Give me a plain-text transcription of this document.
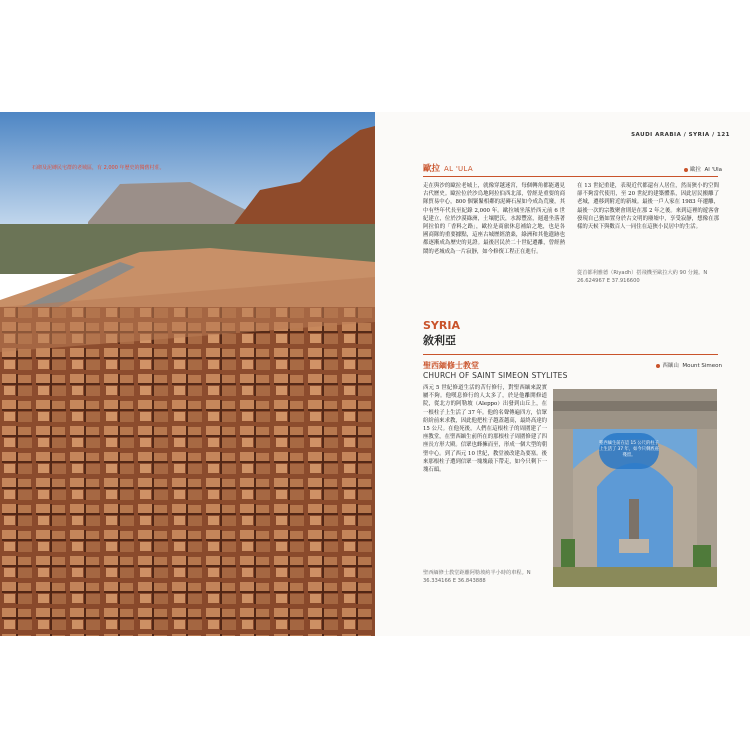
石砌及泥磚民宅群的老城區，有 2,000 年歷史的獨舊村莊。
SAUDI ARABIA / SYRIA / 121
歐拉 AL 'ULA	歐拉 Al 'Ula
走在與沙的歐拉老城上，就像穿越迷宮，每個轉角都能遇見古代歷史。歐拉位於沙烏地阿拉伯西北部，曾經是重要的商隊貿易中心，800 個緊緊相鄰的泥磚石屋如今成為荒廢，其中有些年代長至紀錄 2,000 年。歐拉城坐落於西元前 6 世紀建立，位於沙漠綠洲，土壤肥沃，水源豐富，週邊坐落著阿拉伯的「香料之路」，歐拉是商旅休息補給之地，也是各國商隊的重要據點，這座古城歷經滄桑，綠洲和其他遺跡也都逐漸成為歷史的見證。最後居民於二十世紀遷離，曾經熱鬧的老城成為一片寂靜，如今修復工程正在進行。
在 13 世紀重建，表現近代都還有人居住，然而狹小的空間卻不夠當代使用，至 20 世紀的建築體系，因此居民搬離了老城，遷移到附近的新城。最後一戶人家在 1983 年遷離，最後一次的宗教聚會則是在那 2 年之後。來到這裡的遊客會發現自己猶如置身於古文明的廢墟中，享受寂靜，想像在那樣的天候下與數百人一同住在這狹小民居中的生活。
從首都利雅德（Riyadh）搭飛機至歐拉大約 90 分鐘。N 26.624967 E 37.916600
SYRIA
敘利亞
聖西緬修士教堂
CHURCH OF SAINT SIMEON STYLITES
西緬山 Mount Simeon
西元 5 世紀修道生活的苦行修行，對聖西緬來說實屬不夠。他嘆息修行的人太多了，於是他離開修道院，從北方的阿勒坡（Aleppo）出發到山丘上，在一根柱子上生活了 37 年。他的名聲傳遍四方，信眾紛紛前來求教，因此他把柱子越蓋越高，最終高達約 15 公尺。在他死後，人們在這根柱子的周圍建了一座教堂，在聖西緬生前所在的那根柱子周圍修建了四座長方形大殿。信眾也蜂擁而至，形成一個大型的朝聖中心。到了西元 10 世紀，教堂被改建為要塞。後來那根柱子遭到信眾一塊塊敲下帶走，如今只剩下一塊石頭。
聖西緬修士教堂距離阿勒坡約半小時的車程。N 36.334166 E 36.843888
聖西緬生前在這 15 公尺的柱子上生活了 37 年，如今只剩底座殘留。
